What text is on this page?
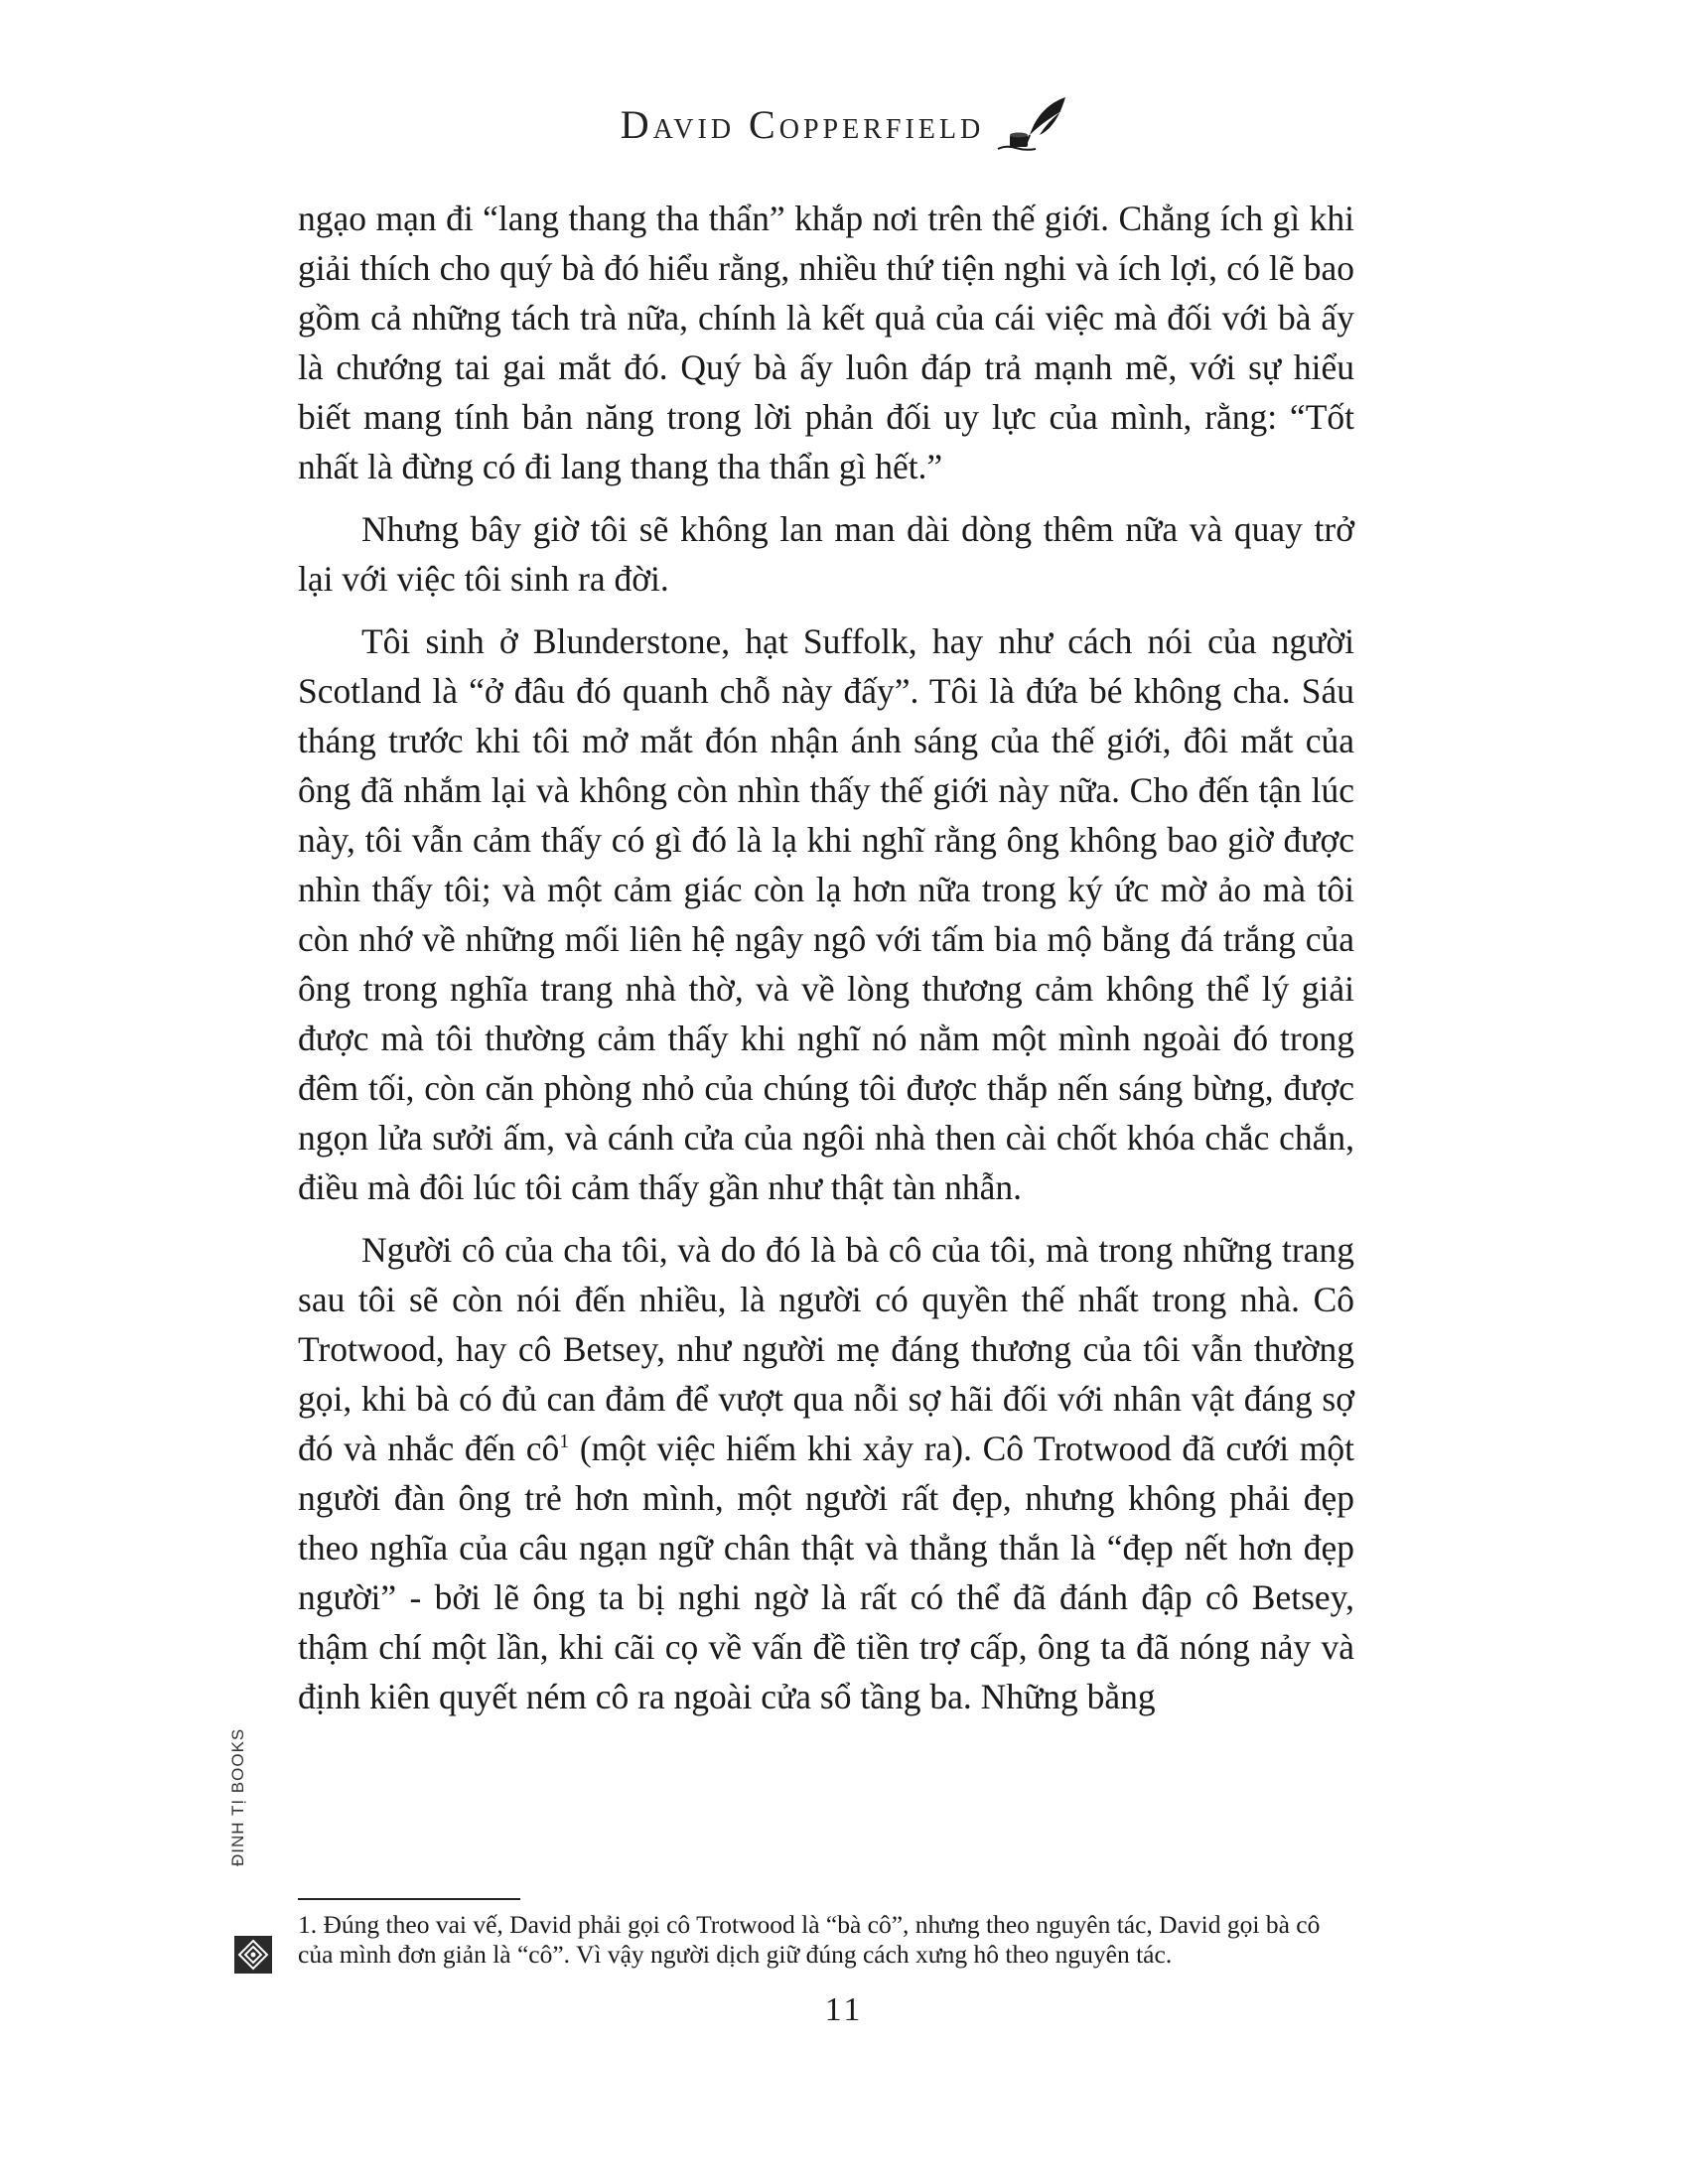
David Copperfield

ngạo mạn đi “lang thang tha thẩn” khắp nơi trên thế giới. Chẳng ích gì khi giải thích cho quý bà đó hiểu rằng, nhiều thứ tiện nghi và ích lợi, có lẽ bao gồm cả những tách trà nữa, chính là kết quả của cái việc mà đối với bà ấy là chướng tai gai mắt đó. Quý bà ấy luôn đáp trả mạnh mẽ, với sự hiểu biết mang tính bản năng trong lời phản đối uy lực của mình, rằng: “Tốt nhất là đừng có đi lang thang tha thẩn gì hết.”

Nhưng bây giờ tôi sẽ không lan man dài dòng thêm nữa và quay trở lại với việc tôi sinh ra đời.

Tôi sinh ở Blunderstone, hạt Suffolk, hay như cách nói của người Scotland là “ở đâu đó quanh chỗ này đấy”. Tôi là đứa bé không cha. Sáu tháng trước khi tôi mở mắt đón nhận ánh sáng của thế giới, đôi mắt của ông đã nhắm lại và không còn nhìn thấy thế giới này nữa. Cho đến tận lúc này, tôi vẫn cảm thấy có gì đó là lạ khi nghĩ rằng ông không bao giờ được nhìn thấy tôi; và một cảm giác còn lạ hơn nữa trong ký ức mờ ảo mà tôi còn nhớ về những mối liên hệ ngây ngô với tấm bia mộ bằng đá trắng của ông trong nghĩa trang nhà thờ, và về lòng thương cảm không thể lý giải được mà tôi thường cảm thấy khi nghĩ nó nằm một mình ngoài đó trong đêm tối, còn căn phòng nhỏ của chúng tôi được thắp nến sáng bừng, được ngọn lửa sưởi ấm, và cánh cửa của ngôi nhà then cài chốt khóa chắc chắn, điều mà đôi lúc tôi cảm thấy gần như thật tàn nhẫn.

Người cô của cha tôi, và do đó là bà cô của tôi, mà trong những trang sau tôi sẽ còn nói đến nhiều, là người có quyền thế nhất trong nhà. Cô Trotwood, hay cô Betsey, như người mẹ đáng thương của tôi vẫn thường gọi, khi bà có đủ can đảm để vượt qua nỗi sợ hãi đối với nhân vật đáng sợ đó và nhắc đến cô$^1$ (một việc hiếm khi xảy ra). Cô Trotwood đã cưới một người đàn ông trẻ hơn mình, một người rất đẹp, nhưng không phải đẹp theo nghĩa của câu ngạn ngữ chân thật và thẳng thắn là “đẹp nết hơn đẹp người” - bởi lẽ ông ta bị nghi ngờ là rất có thể đã đánh đập cô Betsey, thậm chí một lần, khi cãi cọ về vấn đề tiền trợ cấp, ông ta đã nóng nảy và định kiên quyết ném cô ra ngoài cửa sổ tầng ba. Những bằng

1. Đúng theo vai vế, David phải gọi cô Trotwood là “bà cô”, nhưng theo nguyên tác, David gọi bà cô của mình đơn giản là “cô”. Vì vậy người dịch giữ đúng cách xưng hô theo nguyên tác.
ĐINH TỊ BOOKS
11
